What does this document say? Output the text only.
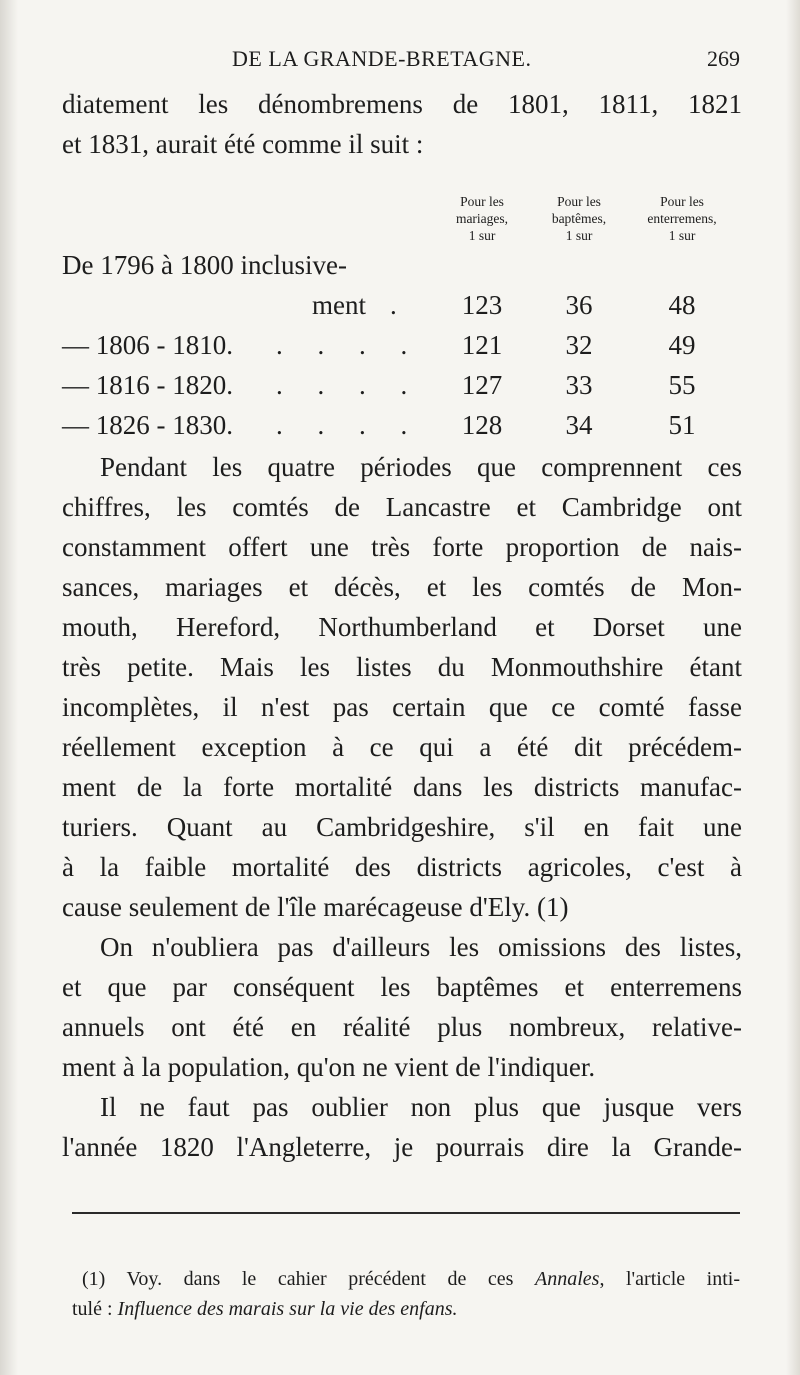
DE LA GRANDE-BRETAGNE.	269
diatement les dénombremens de 1801, 1811, 1821
et 1831, aurait été comme il suit :
Pour les
mariages,
1 sur
Pour les
baptêmes,
1 sur
Pour les
enterremens,
1 sur
De 1796 à 1800 inclusive-
ment .	123	36	48
— 1806 - 1810. . . . .	121	32	49
— 1816 - 1820. . . . .	127	33	55
— 1826 - 1830. . . . .	128	34	51
Pendant les quatre périodes que comprennent ces
chiffres, les comtés de Lancastre et Cambridge ont
constamment offert une très forte proportion de nais-
sances, mariages et décès, et les comtés de Mon-
mouth, Hereford, Northumberland et Dorset une
très petite. Mais les listes du Monmouthshire étant
incomplètes, il n'est pas certain que ce comté fasse
réellement exception à ce qui a été dit précédem-
ment de la forte mortalité dans les districts manufac-
turiers. Quant au Cambridgeshire, s'il en fait une
à la faible mortalité des districts agricoles, c'est à
cause seulement de l'île marécageuse d'Ely. (1)
On n'oubliera pas d'ailleurs les omissions des listes,
et que par conséquent les baptêmes et enterremens
annuels ont été en réalité plus nombreux, relative-
ment à la population, qu'on ne vient de l'indiquer.
Il ne faut pas oublier non plus que jusque vers
l'année 1820 l'Angleterre, je pourrais dire la Grande-
(1) Voy. dans le cahier précédent de ces Annales, l'article inti-
tulé : Influence des marais sur la vie des enfans.
